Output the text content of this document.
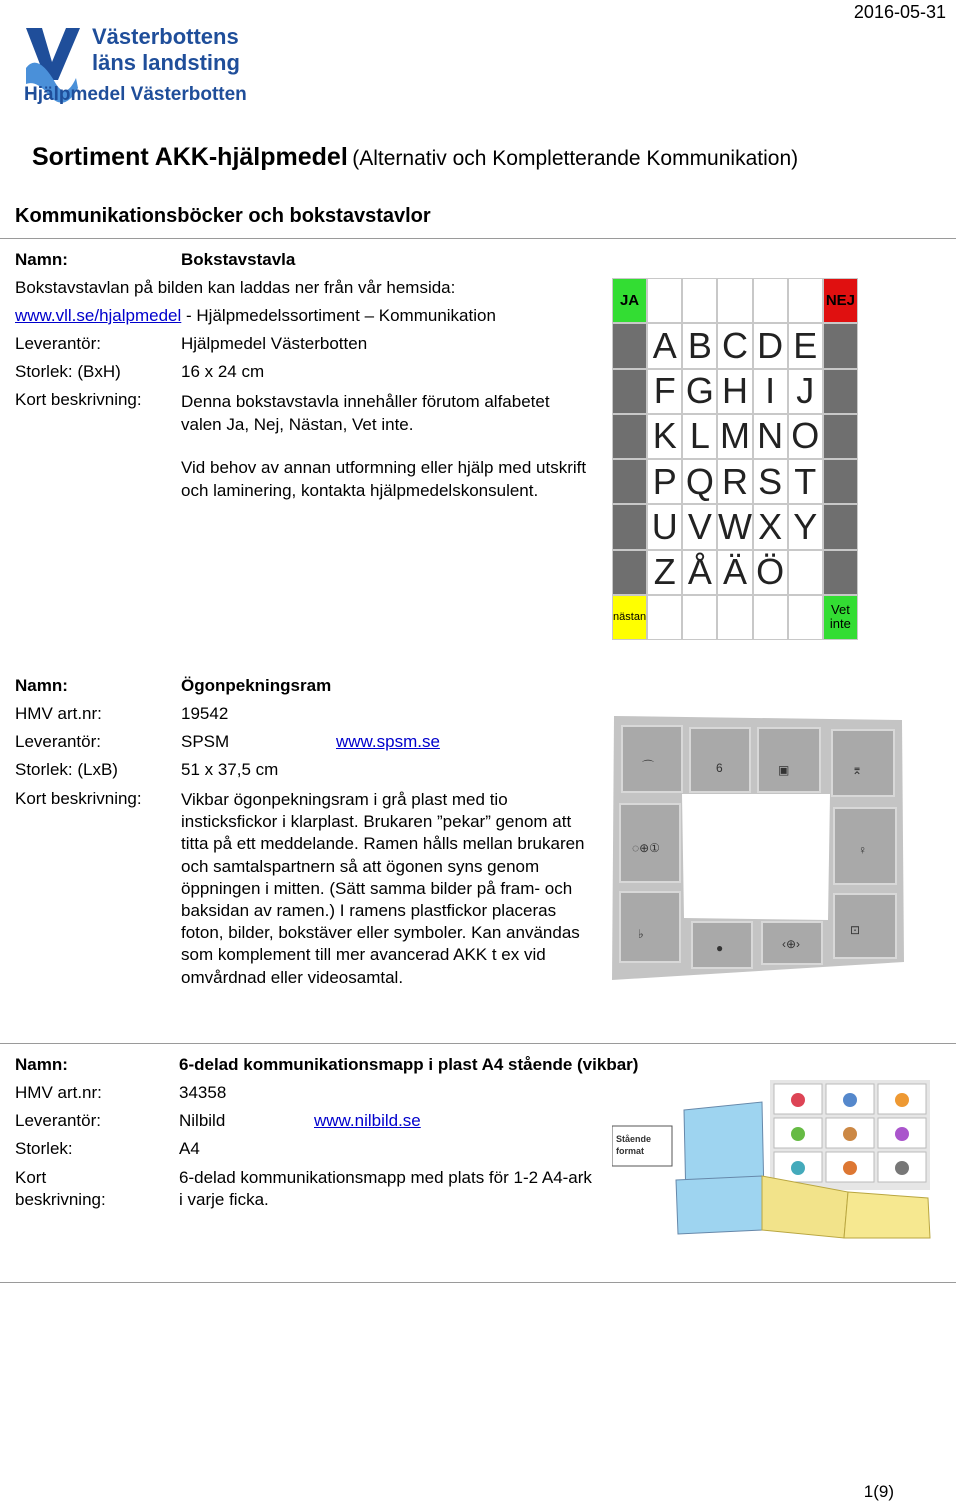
2016-05-31
Västerbottens
läns landsting
Hjälpmedel Västerbotten
Sortiment AKK-hjälpmedel (Alternativ och Kompletterande Kommunikation)
Kommunikationsböcker och bokstavstavlor
Namn:	Bokstavstavla
Bokstavstavlan på bilden kan laddas ner från vår hemsida:
www.vll.se/hjalpmedel - Hjälpmedelssortiment – Kommunikation
Leverantör:	Hjälpmedel Västerbotten
Storlek: (BxH)	16 x 24 cm
Kort beskrivning: Denna bokstavstavla innehåller förutom alfabetet valen Ja, Nej, Nästan, Vet inte.
Vid behov av annan utformning eller hjälp med utskrift och laminering, kontakta hjälpmedelskonsulent.
A B C D E
F G H I J
K L M N O
P Q R S T
U V W X Y
Z Å Ä Ö
JA	NEJ
nästan	Vet inte
Namn:	Ögonpekningsram
HMV art.nr:	19542
Leverantör:	SPSM	www.spsm.se
Storlek: (LxB)	51 x 37,5 cm
Kort beskrivning: Vikbar ögonpekningsram i grå plast med tio insticksfickor i klarplast. Brukaren ”pekar” genom att titta på ett meddelande. Ramen hålls mellan brukaren och samtalspartnern så att ögonen syns genom öppningen i mitten. (Sätt samma bilder på fram- och baksidan av ramen.) I ramens plastfickor placeras foton, bilder, bokstäver eller symboler. Kan användas som komplement till mer avancerad AKK t ex vid omvårdnad eller videosamtal.
⌒	6	▣	⌆
◌⊕①	♀
♭
●	‹⊕›
⊡
Namn:	6-delad kommunikationsmapp i plast A4 stående (vikbar)
HMV art.nr:	34358
Leverantör:	Nilbild	www.nilbild.se
Storlek:	A4
Kort beskrivning:
6-delad kommunikationsmapp med plats för 1-2 A4-ark i varje ficka.
Stående
format
1(9)
